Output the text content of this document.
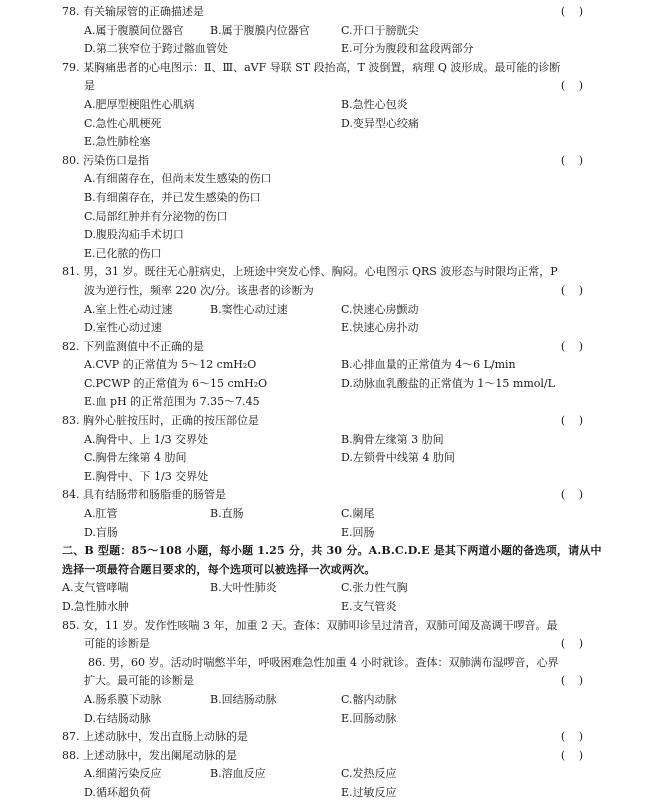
78. 有关输尿管的正确描述是	( )
A.属于腹膜间位器官 B.属于腹膜内位器官	C.开口于膀胱尖
D.第二狭窄位于跨过髂血管处	E.可分为腹段和盆段两部分
79. 某胸痛患者的心电图示：Ⅱ、Ⅲ、aVF 导联 ST 段抬高，T 波倒置，病理 Q 波形成。最可能的诊断
是	( )
A.肥厚型梗阻性心肌病	B.急性心包炎
C.急性心肌梗死	D.变异型心绞痛
E.急性肺栓塞
80. 污染伤口是指	( )
A.有细菌存在，但尚未发生感染的伤口
B.有细菌存在，并已发生感染的伤口
C.局部红肿并有分泌物的伤口
D.腹股沟疝手术切口
E.已化脓的伤口
81. 男，31 岁。既往无心脏病史，上班途中突发心悸、胸闷。心电图示 QRS 波形态与时限均正常，P
波为逆行性，频率 220 次/分。该患者的诊断为	( )
A.室上性心动过速	B.窦性心动过速	C.快速心房颤动
D.室性心动过速	E.快速心房扑动
82. 下列监测值中不正确的是	( )
A.CVP 的正常值为 5～12 cmH₂O	B.心排血量的正常值为 4～6 L/min
C.PCWP 的正常值为 6～15 cmH₂O	D.动脉血乳酸盐的正常值为 1～15 mmol/L
E.血 pH 的正常范围为 7.35～7.45
83. 胸外心脏按压时，正确的按压部位是	( )
A.胸骨中、上 1/3 交界处	B.胸骨左缘第 3 肋间
C.胸骨左缘第 4 肋间	D.左锁骨中线第 4 肋间
E.胸骨中、下 1/3 交界处
84. 具有结肠带和肠脂垂的肠管是	( )
A.肛管	B.直肠	C.阑尾
D.盲肠	E.回肠
二、B 型题：85～108 小题，每小题 1.25 分，共 30 分。A.B.C.D.E 是其下两道小题的备选项，请从中
选择一项最符合题目要求的，每个选项可以被选择一次或两次。
A.支气管哮喘	B.大叶性肺炎	C.张力性气胸
D.急性肺水肿	E.支气管炎
85. 女，11 岁。发作性咳喘 3 年，加重 2 天。查体：双肺叩诊呈过清音，双肺可闻及高调干啰音。最
可能的诊断是	( )
86. 男，60 岁。活动时喘憋半年，呼吸困难急性加重 4 小时就诊。查体：双肺满布湿啰音，心界
扩大。最可能的诊断是	( )
A.肠系膜下动脉	B.回结肠动脉	C.髂内动脉
D.右结肠动脉	E.回肠动脉
87. 上述动脉中，发出直肠上动脉的是	( )
88. 上述动脉中，发出阑尾动脉的是	( )
A.细菌污染反应	B.溶血反应	C.发热反应
D.循环超负荷	E.过敏反应
